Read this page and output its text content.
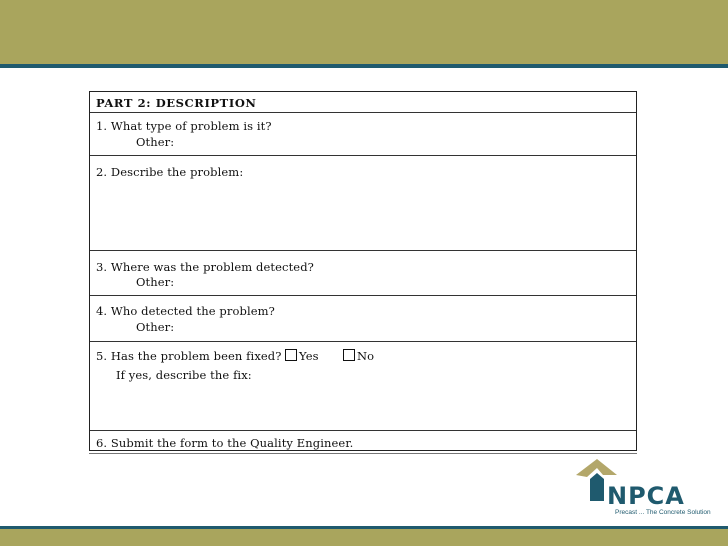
PART 2: DESCRIPTION
1. What type of problem is it?
Other:
2. Describe the problem:
3. Where was the problem detected?
Other:
4. Who detected the problem?
Other:
5. Has the problem been fixed?	Yes	No
If yes, describe the fix:
6. Submit the form to the Quality Engineer.
NPCA
Precast ... The Concrete Solution
